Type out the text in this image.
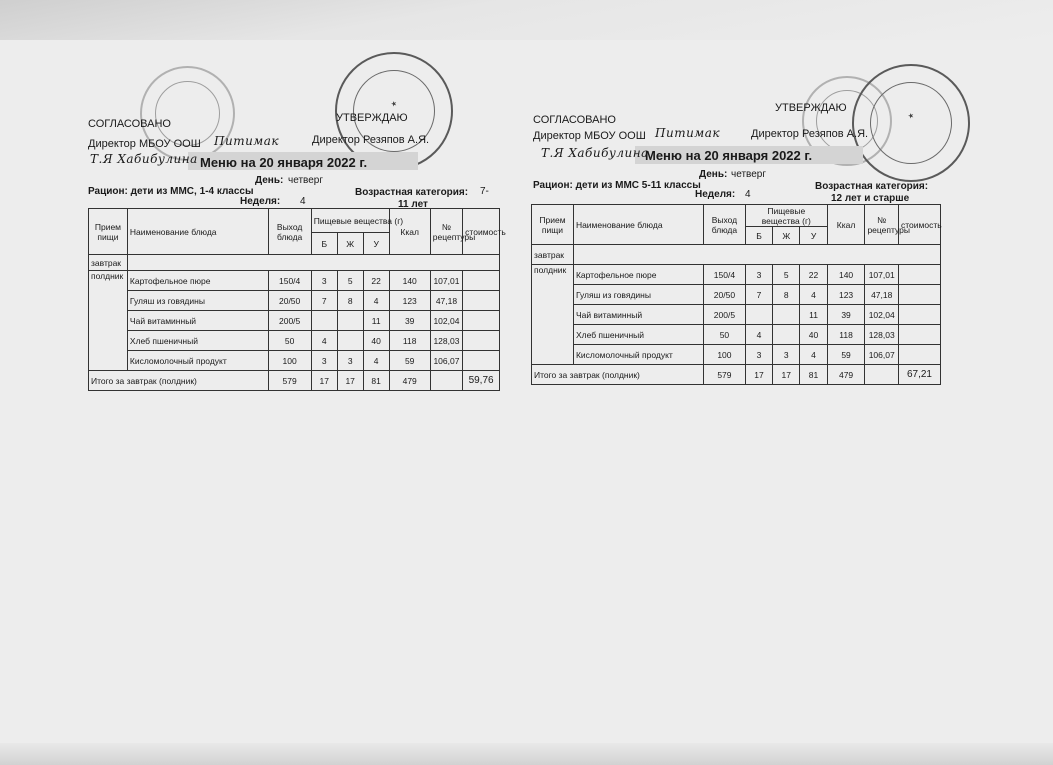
★
СОГЛАСОВАНО	УТВЕРЖДАЮ
Директор МБОУ ООШ Питимак	Директор Резяпов А.Я.
Т.Я Хабибулина Меню на 20 января 2022 г.
День: четверг
Рацион: дети из ММС, 1-4 классы	Возрастная категория: 7-
Неделя: 4	11 лет
Прием пищи	Наименование блюда	Выход блюда	Пищевые вещества (г)			Ккал	№ рецептуры	стоимость
			Б	Ж	У			
завтрак								
полдник	Картофельное пюре	150/4	3	5	22	140	107,01	
	Гуляш из говядины	20/50	7	8	4	123	47,18	
	Чай витаминный	200/5			11	39	102,04	
	Хлеб пшеничный	50	4		40	118	128,03	
	Кисломолочный продукт	100	3	3	4	59	106,07	
Итого за завтрак (полдник)		579	17	17	81	479		59,76
★
СОГЛАСОВАНО
УТВЕРЖДАЮ
Директор МБОУ ООШ Питимак	Директор Резяпов А.Я.
Т.Я Хабибулина
Меню на 20 января 2022 г.
День: четверг
Рацион: дети из ММС 5-11 классы	Возрастная категория:
Неделя: 4	12 лет и старше
Прием пищи	Наименование блюда	Выход блюда	Пищевые вещества (г)			Ккал	№ рецептуры	стоимость
			Б	Ж	У			
завтрак								
полдник	Картофельное пюре	150/4	3	5	22	140	107,01	
	Гуляш из говядины	20/50	7	8	4	123	47,18	
	Чай витаминный	200/5			11	39	102,04	
	Хлеб пшеничный	50	4		40	118	128,03	
	Кисломолочный продукт	100	3	3	4	59	106,07	
Итого за завтрак (полдник)		579	17	17	81	479		67,21
